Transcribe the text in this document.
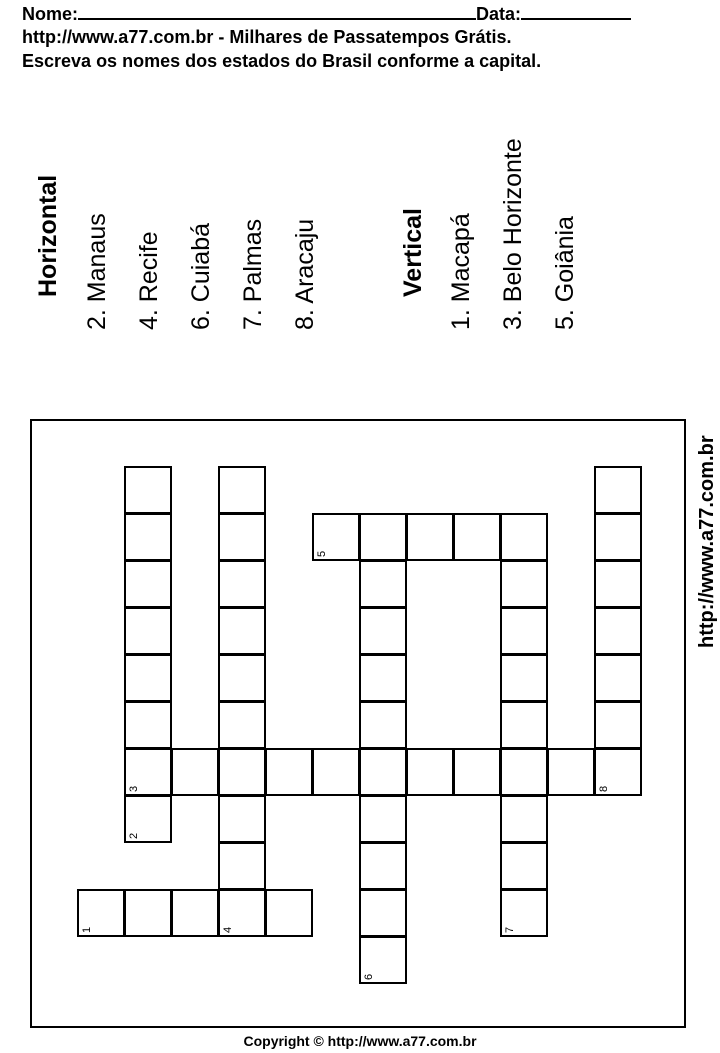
Nome:	Data:
http://www.a77.com.br - Milhares de Passatempos Grátis.
Escreva os nomes dos estados do Brasil conforme a capital.
Horizontal 2. Manaus 4. Recife 6. Cuiabá 7. Palmas 8. Aracaju	Vertical 1. Macapá 3. Belo Horizonte 5. Goiânia
1
2
3
4
5
6
7
8
http://www.a77.com.br
Copyright © http://www.a77.com.br
